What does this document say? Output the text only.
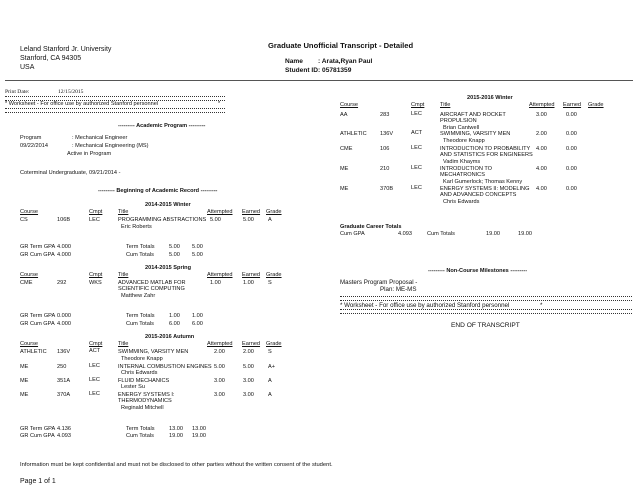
Leland Stanford Jr. University
Stanford, CA 94305
USA
Graduate Unofficial Transcript - Detailed
Name : Arata,Ryan Paul
Student ID : 05781359
Print Date:	12/15/2015
* Worksheet - For office use by authorized Stanford personnel	*
--------- Academic Program ---------
Program	: Mechanical Engineer
09/22/2014	: Mechanical Engineering (MS)
Active in Program
Coterminal Undergraduate, 09/21/2014 -
--------- Beginning of Academic Record ---------
2014-2015 Winter
Course	Cmpt	Title	Attempted Earned Grade
CS	106B	LEC	PROGRAMMING ABSTRACTIONS 5.00	5.00	A
Eric Roberts
GR Term GPA 4.000	Term Totals	5.00 5.00
GR Cum GPA 4.000	Cum Totals	5.00 5.00
2014-2015 Spring
Course	Cmpt	Title	Attempted Earned Grade
CME	292	WKS	ADVANCED MATLAB FOR
SCIENTIFIC COMPUTING
1.00	1.00	S
Matthew Zahr
GR Term GPA 0.000	Term Totals	1.00 1.00
GR Cum GPA 4.000	Cum Totals	6.00 6.00
2015-2016 Autumn
Course	Cmpt	Title	Attempted Earned Grade
ATHLETIC 136V	ACT	SWIMMING, VARSITY MEN	2.00	2.00	S
Theodore Knapp
ME	250	LEC	INTERNAL COMBUSTION ENGINES 5.00	5.00	A+
Chris Edwards
ME	351A	LEC	FLUID MECHANICS	3.00	3.00	A
Lester Su
ME	370A	LEC	ENERGY SYSTEMS I:
THERMODYNAMICS
3.00	3.00	A
Reginald Mitchell
GR Term GPA 4.136	Term Totals	13.00 13.00
GR Cum GPA 4.093	Cum Totals	19.00 19.00
2015-2016 Winter
Course	Cmpt	Title	Attempted Earned Grade
AA	283	LEC	AIRCRAFT AND ROCKET
PROPULSION
3.00	0.00
Brian Cantwell
ATHLETIC 136V	ACT	SWIMMING, VARSITY MEN	2.00	0.00
Theodore Knapp
CME	106	LEC	INTRODUCTION TO PROBABILITY
AND STATISTICS FOR ENGINEERS
4.00	0.00
Vadim Khayms
ME	210	LEC	INTRODUCTION TO
MECHATRONICS
4.00	0.00
Karl Gumerlock; Thomas Kenny
ME	370B	LEC	ENERGY SYSTEMS II: MODELING
AND ADVANCED CONCEPTS
4.00	0.00
Chris Edwards
Graduate Career Totals
Cum GPA	4.093	Cum Totals	19.00	19.00
--------- Non-Course Milestones ---------
Masters Program Proposal -
Plan: ME-MS
* Worksheet - For office use by authorized Stanford personnel	*
END OF TRANSCRIPT
Information must be kept confidential and must not be disclosed to other parties without the written consent of the student.
Page 1 of 1
